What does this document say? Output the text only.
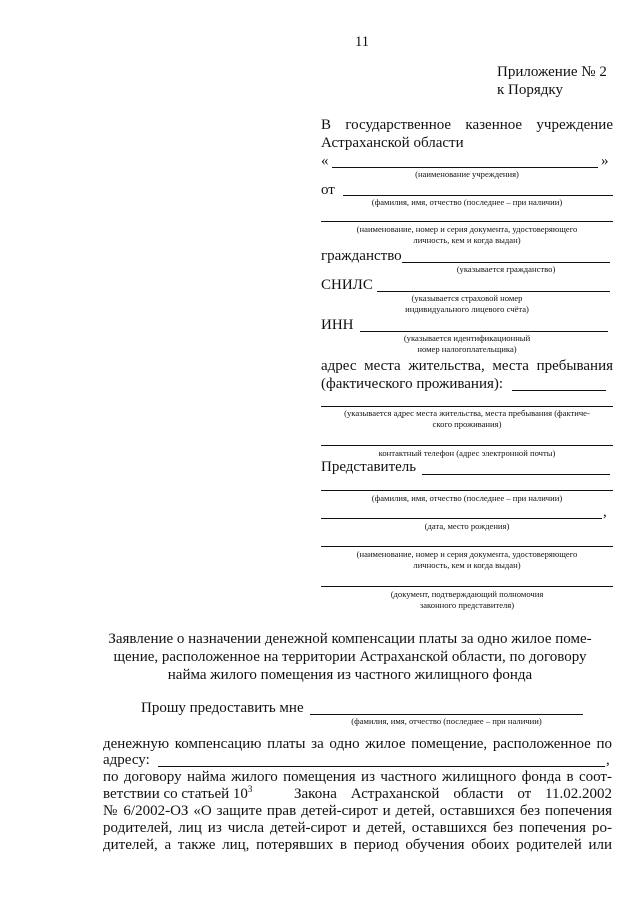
11
Приложение № 2
к Порядку
В государственное казенное учреждение
Астраханской области
«	»
(наименование учреждения)
от
(фамилия, имя, отчество (последнее – при наличии)
(наименование, номер и серия документа, удостоверяющего
личность, кем и когда выдан)
гражданство
(указывается гражданство)
СНИЛС
(указывается страховой номер
индивидуального лицевого счёта)
ИНН
(указывается идентификационный
номер налогоплательщика)
адрес места жительства, места пребывания
(фактического проживания):
(указывается адрес места жительства, места пребывания (фактиче-
ского проживания)
контактный телефон (адрес электронной почты)
Представитель
(фамилия, имя, отчество (последнее – при наличии)
,
(дата, место рождения)
(наименование, номер и серия документа, удостоверяющего
личность, кем и когда выдан)
(документ, подтверждающий полномочия
законного представителя)
Заявление о назначении денежной компенсации платы за одно жилое поме-
щение, расположенное на территории Астраханской области, по договору
найма жилого помещения из частного жилищного фонда
Прошу предоставить мне
(фамилия, имя, отчество (последнее – при наличии)
денежную компенсацию платы за одно жилое помещение, расположенное по
адресу:	,
по договору найма жилого помещения из частного жилищного фонда в соот-
ветствии со статьей $10^3$	Закона Астраханской области от 11.02.2002
№ 6/2002-ОЗ «О защите прав детей-сирот и детей, оставшихся без попечения
родителей, лиц из числа детей-сирот и детей, оставшихся без попечения ро-
дителей, а также лиц, потерявших в период обучения обоих родителей или
